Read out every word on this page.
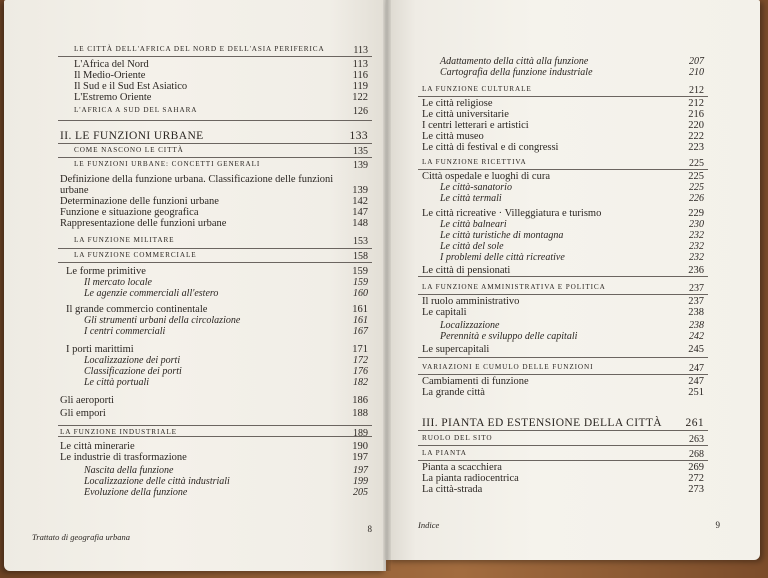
LE CITTÀ DELL'AFRICA DEL NORD E DELL'ASIA PERIFERICA	113
L'Africa del Nord	113
Il Medio-Oriente	116
Il Sud e il Sud Est Asiatico	119
L'Estremo Oriente	122
L'AFRICA A SUD DEL SAHARA	126
II. LE FUNZIONI URBANE	133
COME NASCONO LE CITTÀ	135
LE FUNZIONI URBANE: CONCETTI GENERALI	139
Definizione della funzione urbana. Classificazione delle funzioni
urbane	139
Determinazione delle funzioni urbane	142
Funzione e situazione geografica	147
Rappresentazione delle funzioni urbane	148
LA FUNZIONE MILITARE	153
LA FUNZIONE COMMERCIALE	158
Le forme primitive	159
Il mercato locale	159
Le agenzie commerciali all'estero	160
Il grande commercio continentale	161
Gli strumenti urbani della circolazione	161
I centri commerciali	167
I porti marittimi	171
Localizzazione dei porti	172
Classificazione dei porti	176
Le città portuali	182
Gli aeroporti	186
Gli empori	188
LA FUNZIONE INDUSTRIALE	189
Le città minerarie	190
Le industrie di trasformazione	197
Nascita della funzione	197
Localizzazione delle città industriali	199
Evoluzione della funzione	205
Trattato di geografia urbana
8
Adattamento della città alla funzione	207
Cartografia della funzione industriale	210
LA FUNZIONE CULTURALE	212
Le città religiose	212
Le città universitarie	216
I centri letterari e artistici	220
Le città museo	222
Le città di festival e di congressi	223
LA FUNZIONE RICETTIVA	225
Città ospedale e luoghi di cura	225
Le città-sanatorio	225
Le città termali	226
Le città ricreative · Villeggiatura e turismo	229
Le città balneari	230
Le città turistiche di montagna	232
Le città del sole	232
I problemi delle città ricreative	232
Le città di pensionati	236
LA FUNZIONE AMMINISTRATIVA E POLITICA	237
Il ruolo amministrativo	237
Le capitali	238
Localizzazione	238
Perennità e sviluppo delle capitali	242
Le supercapitali	245
VARIAZIONI E CUMULO DELLE FUNZIONI	247
Cambiamenti di funzione	247
La grande città	251
III. PIANTA ED ESTENSIONE DELLA CITTÀ 261
RUOLO DEL SITO	263
LA PIANTA	268
Pianta a scacchiera	269
La pianta radiocentrica	272
La città-strada	273
Indice	9
